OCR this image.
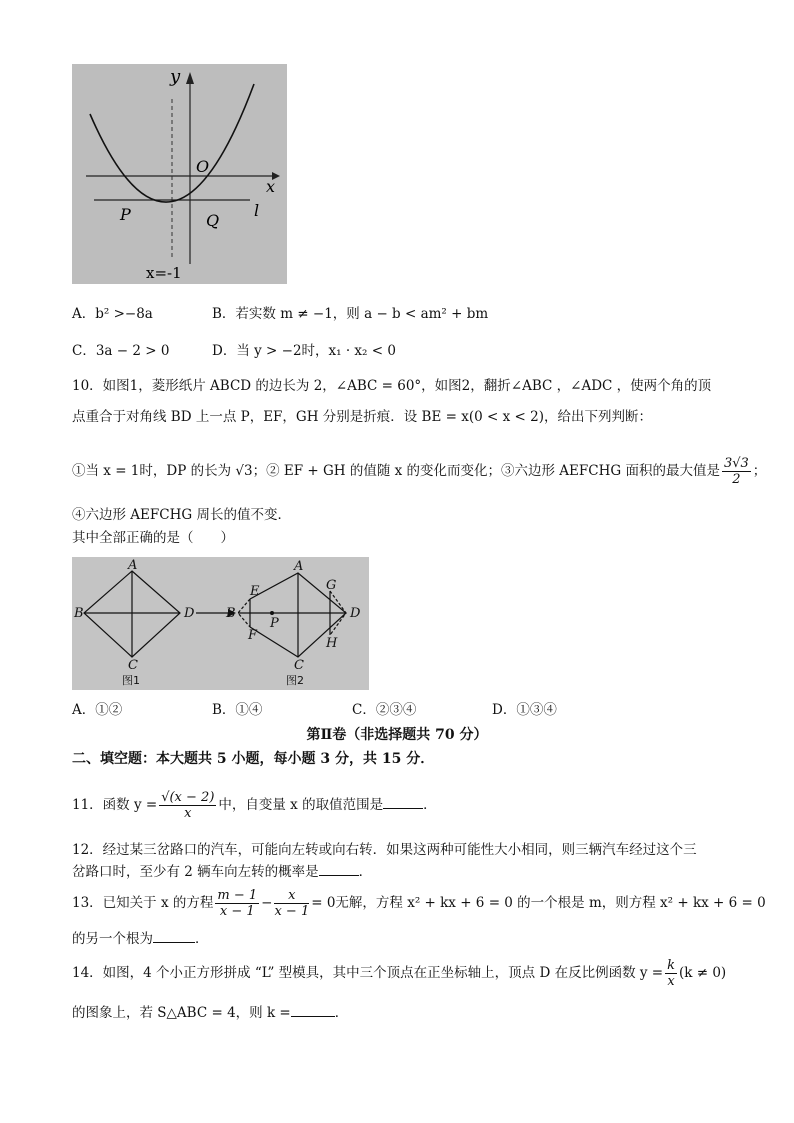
y
O
x
P	Q
l
x=-1
A．b² >−8a	B．若实数 m ≠ −1，则 a − b < am² + bm
C．3a − 2 > 0	D．当 y > −2时，x₁ · x₂ < 0
10．如图1，菱形纸片 ABCD 的边长为 2，∠ABC = 60°，如图2，翻折∠ABC ，∠ADC ，使两个角的顶
点重合于对角线 BD 上一点 P，EF，GH 分别是折痕．设 BE = x(0 < x < 2)，给出下列判断：
①当 x = 1时，DP 的长为 √3；② EF + GH 的值随 x 的变化而变化；③六边形 AEFCHG 面积的最大值是 $\frac{3√3}{2}$ ；
④六边形 AEFCHG 周长的值不变．
其中全部正确的是（　　）
A
B	D
C
A
B	D
C
E
F
G
H
P
图1	图2
A．①②	B．①④	C．②③④	D．①③④
第Ⅱ卷（非选择题共 70 分）
二、填空题：本大题共 5 小题，每小题 3 分，共 15 分．
11．函数 $y = \frac{√(x - 2)}{x}$ 中，自变量 x 的取值范围是	．
12．经过某三岔路口的汽车，可能向左转或向右转．如果这两种可能性大小相同，则三辆汽车经过这个三
岔路口时，至少有 2 辆车向左转的概率是	．
13．已知关于 x 的方程 $\frac{m - 1}{x - 1} - \frac{x}{x - 1} = 0$无解，方程 x² + kx + 6 = 0 的一个根是 m，则方程 x² + kx + 6 = 0
的另一个根为	．
14．如图，4 个小正方形拼成 “L” 型模具，其中三个顶点在正坐标轴上，顶点 D 在反比例函数 $y = \frac{k}{x} (k \ne 0)$
的图象上，若 S△ABC = 4，则 k =	．
